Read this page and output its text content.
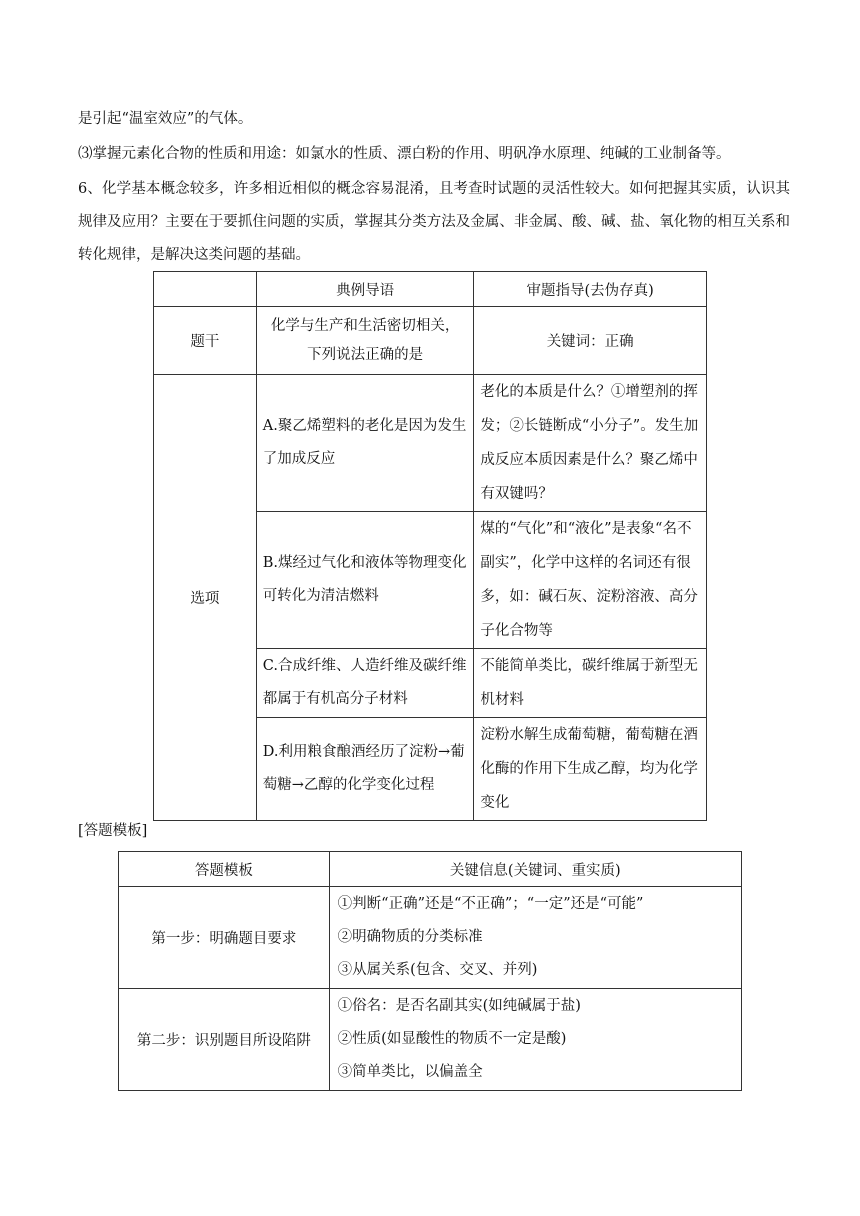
是引起“温室效应”的气体。
⑶掌握元素化合物的性质和用途：如氯水的性质、漂白粉的作用、明矾净水原理、纯碱的工业制备等。
6、化学基本概念较多，许多相近相似的概念容易混淆，且考查时试题的灵活性较大。如何把握其实质，认识其规律及应用？主要在于要抓住问题的实质，掌握其分类方法及金属、非金属、酸、碱、盐、氧化物的相互关系和转化规律，是解决这类问题的基础。
	典例导语	审题指导(去伪存真)
题干	化学与生产和生活密切相关，下列说法正确的是	关键词：正确
选项	A.聚乙烯塑料的老化是因为发生了加成反应	老化的本质是什么？①增塑剂的挥发；②长链断成“小分子”。发生加成反应本质因素是什么？聚乙烯中有双键吗？
	B.煤经过气化和液体等物理变化可转化为清洁燃料	煤的“气化”和“液化”是表象“名不副实”，化学中这样的名词还有很多，如：碱石灰、淀粉溶液、高分子化合物等
	C.合成纤维、人造纤维及碳纤维都属于有机高分子材料	不能简单类比，碳纤维属于新型无机材料
	D.利用粮食酿酒经历了淀粉→葡萄糖→乙醇的化学变化过程	淀粉水解生成葡萄糖，葡萄糖在酒化酶的作用下生成乙醇，均为化学变化
[答题模板]
答题模板	关键信息(关键词、重实质)
第一步：明确题目要求	①判断“正确”还是“不正确”；“一定”还是“可能”
②明确物质的分类标准
③从属关系(包含、交叉、并列)

第二步：识别题目所设陷阱	①俗名：是否名副其实(如纯碱属于盐)
②性质(如显酸性的物质不一定是酸)
③简单类比，以偏盖全
